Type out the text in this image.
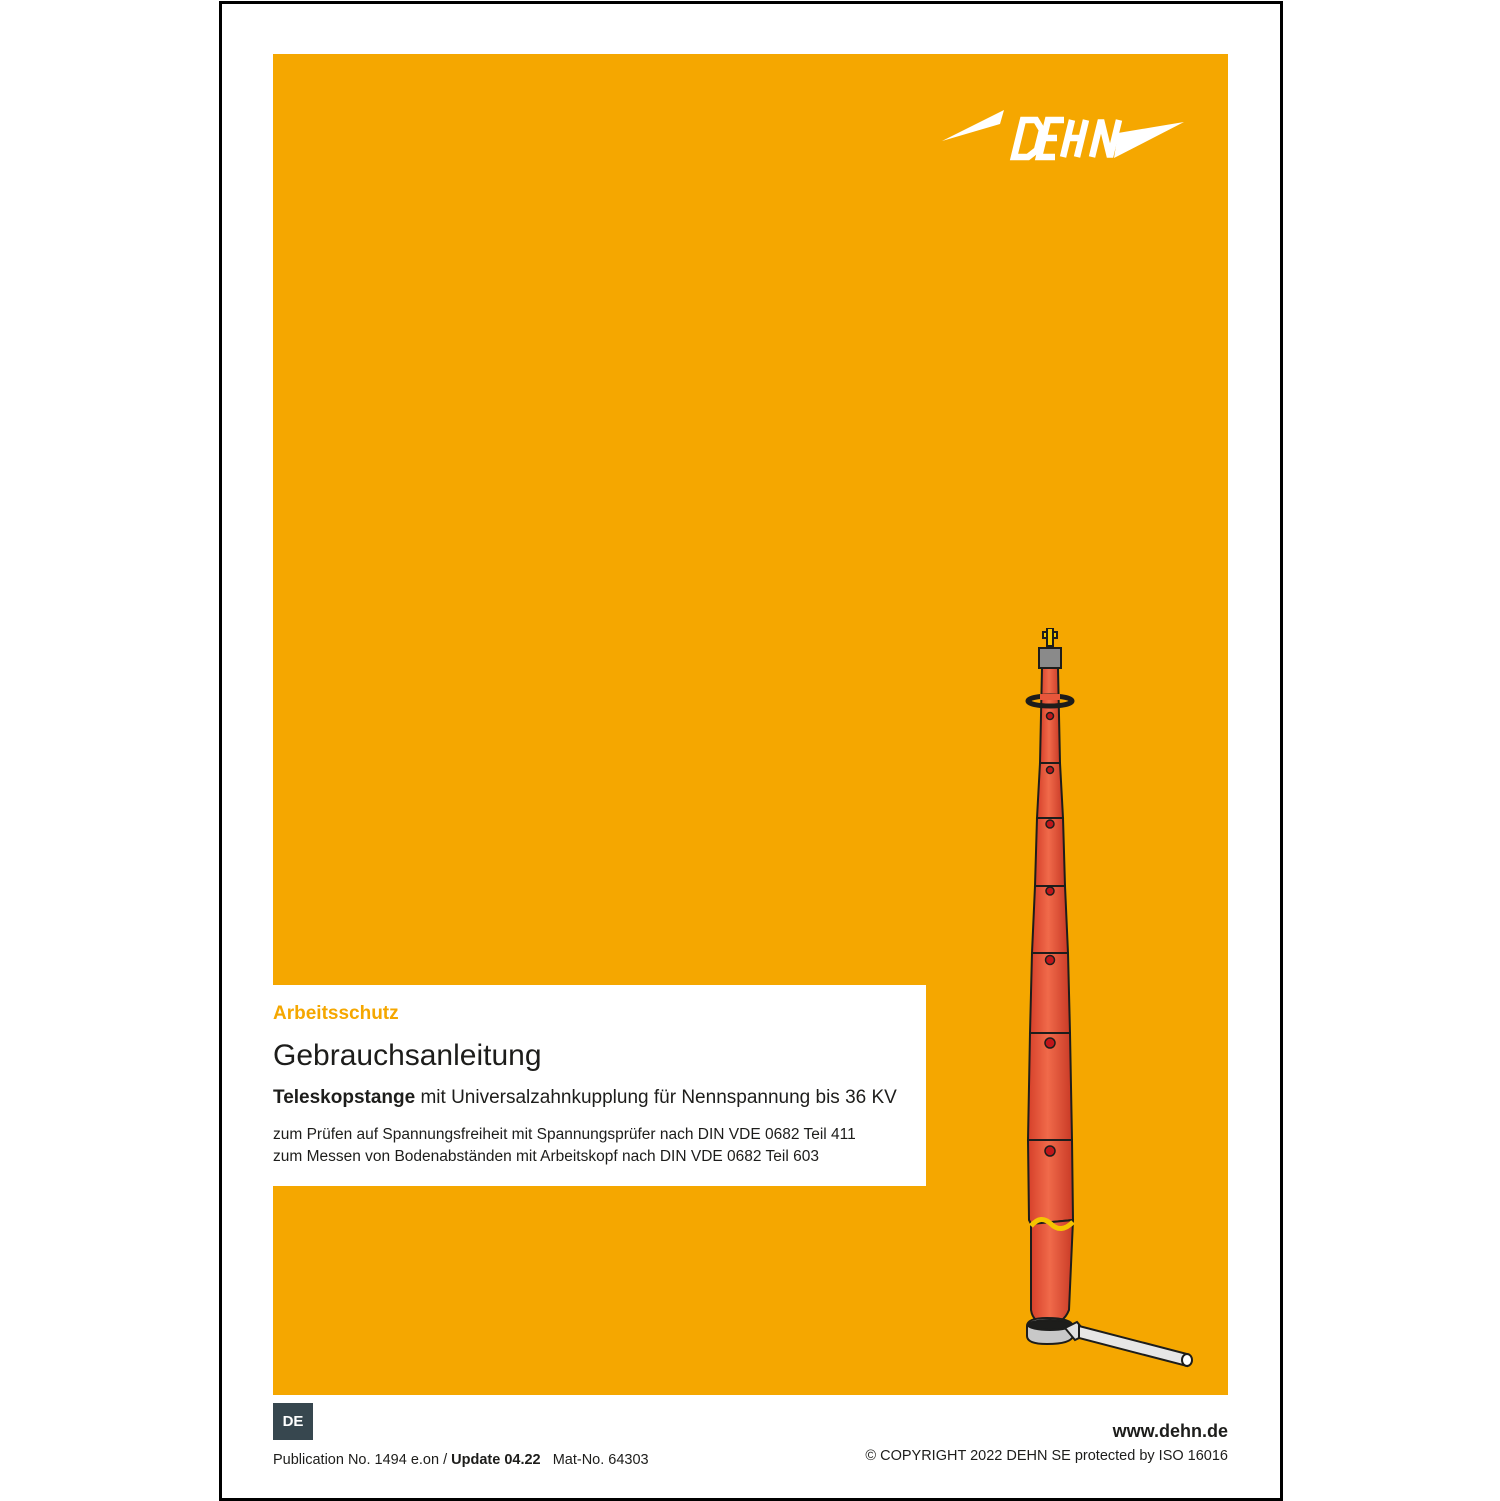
Arbeitsschutz
Gebrauchsanleitung
Teleskopstange mit Universalzahnkupplung für Nennspannung bis 36 KV
zum Prüfen auf Spannungsfreiheit mit Spannungsprüfer nach DIN VDE 0682 Teil 411
zum Messen von Bodenabständen mit Arbeitskopf nach DIN VDE 0682 Teil 603
DE	www.dehn.de
© COPYRIGHT 2022 DEHN SE protected by ISO 16016
Publication No. 1494 e.on / Update 04.22   Mat-No. 64303
